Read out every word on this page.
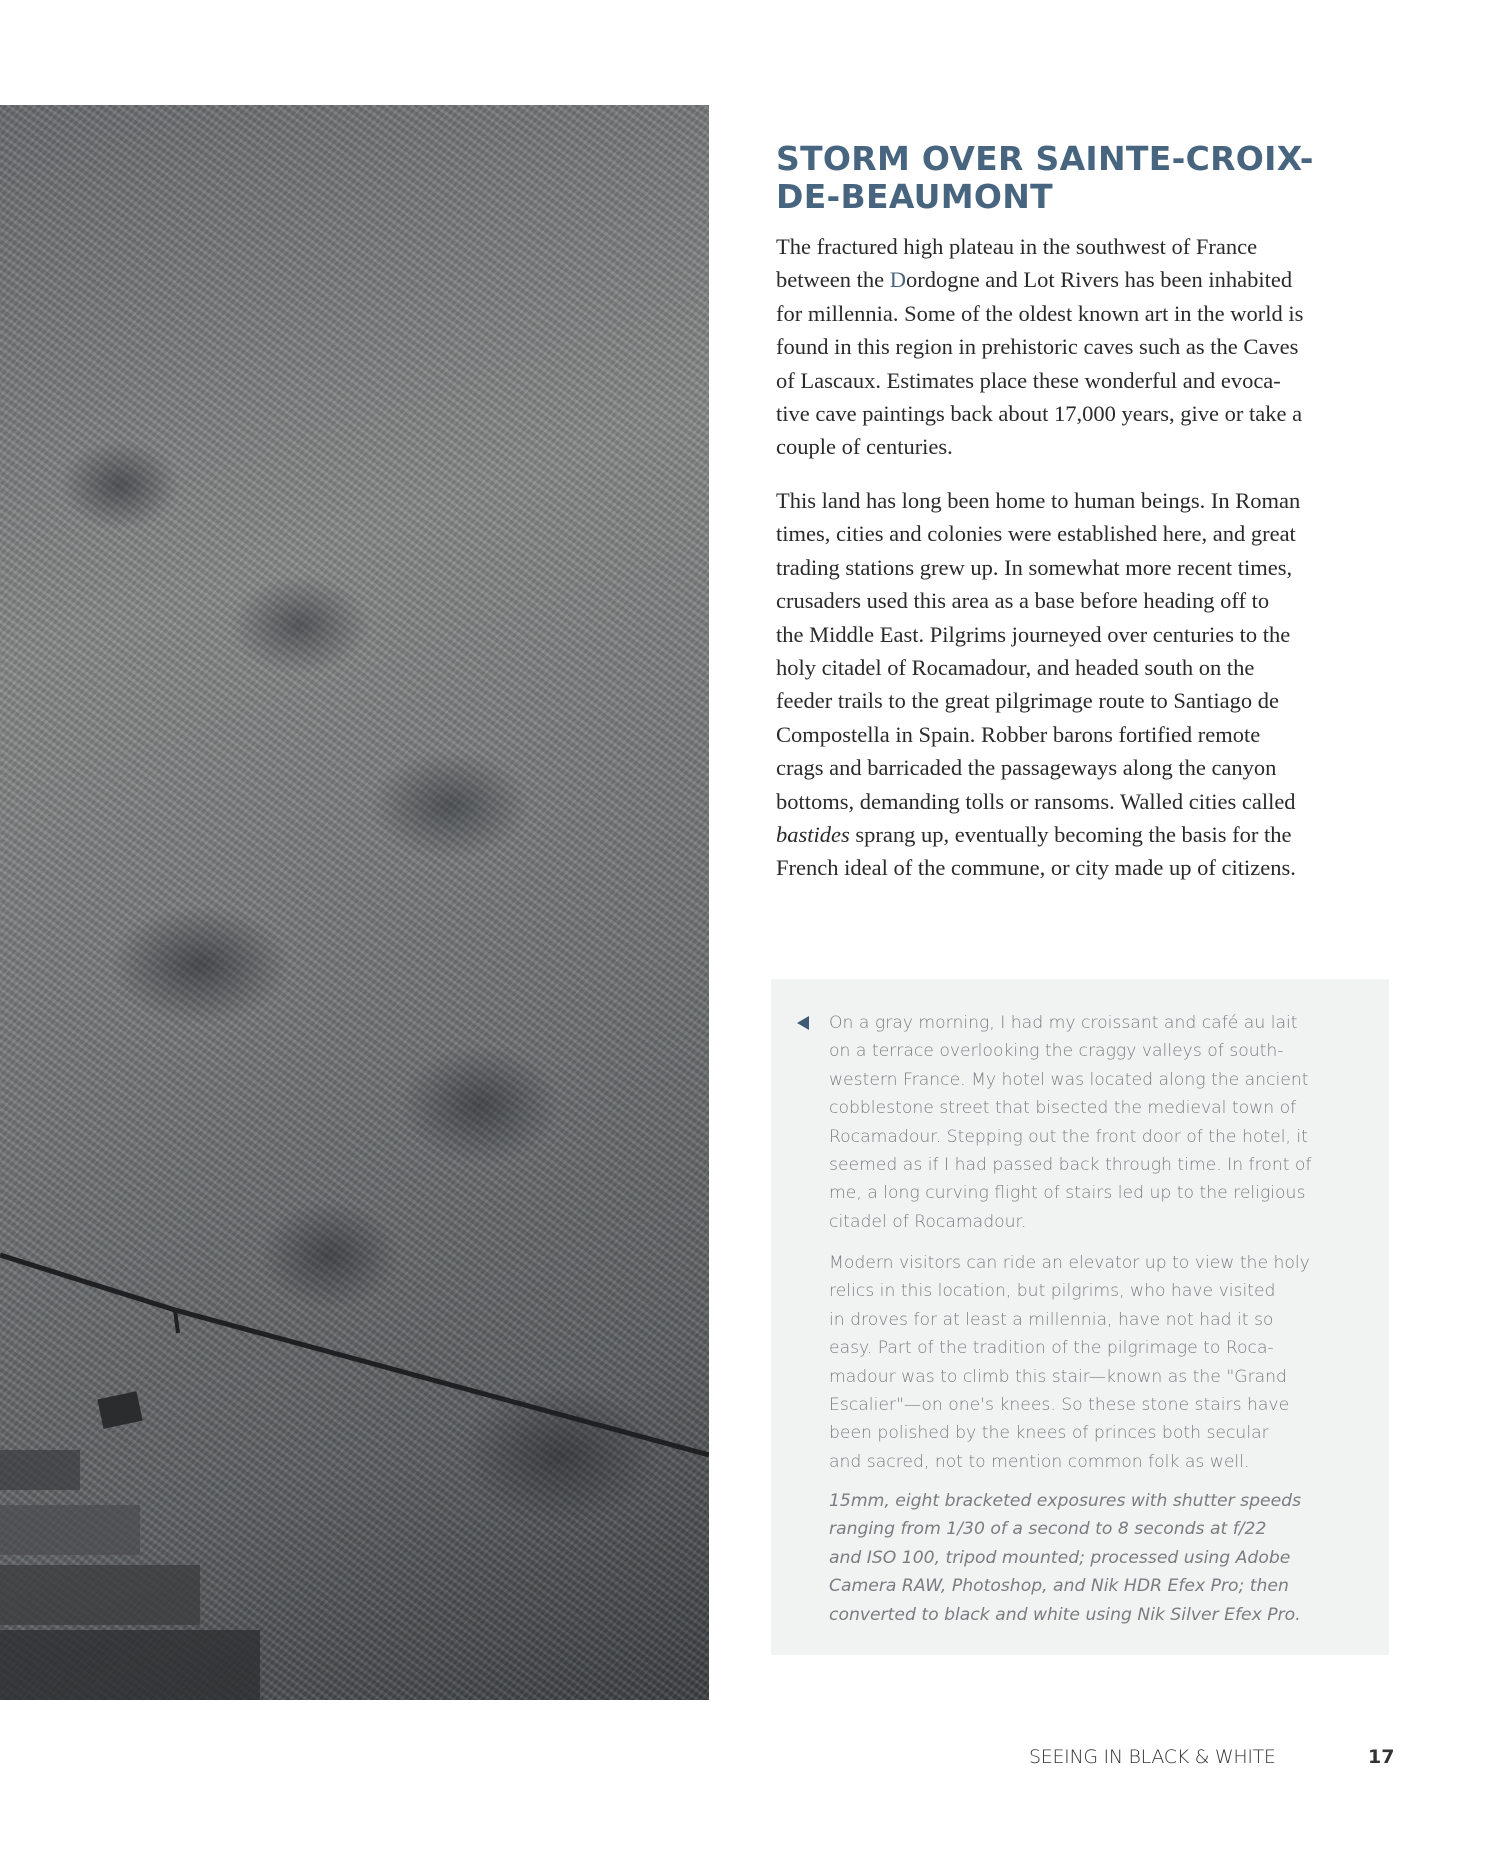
STORM OVER SAINTE-CROIX-
DE-BEAUMONT
The fractured high plateau in the southwest of France
between the Dordogne and Lot Rivers has been inhabited
for millennia. Some of the oldest known art in the world is
found in this region in prehistoric caves such as the Caves
of Lascaux. Estimates place these wonderful and evoca-
tive cave paintings back about 17,000 years, give or take a
couple of centuries.
This land has long been home to human beings. In Roman
times, cities and colonies were established here, and great
trading stations grew up. In somewhat more recent times,
crusaders used this area as a base before heading off to
the Middle East. Pilgrims journeyed over centuries to the
holy citadel of Rocamadour, and headed south on the
feeder trails to the great pilgrimage route to Santiago de
Compostella in Spain. Robber barons fortified remote
crags and barricaded the passageways along the canyon
bottoms, demanding tolls or ransoms. Walled cities called
bastides sprang up, eventually becoming the basis for the
French ideal of the commune, or city made up of citizens.
On a gray morning, I had my croissant and café au lait
on a terrace overlooking the craggy valleys of south-
western France. My hotel was located along the ancient
cobblestone street that bisected the medieval town of
Rocamadour. Stepping out the front door of the hotel, it
seemed as if I had passed back through time. In front of
me, a long curving flight of stairs led up to the religious
citadel of Rocamadour.
Modern visitors can ride an elevator up to view the holy
relics in this location, but pilgrims, who have visited
in droves for at least a millennia, have not had it so
easy. Part of the tradition of the pilgrimage to Roca-
madour was to climb this stair—known as the "Grand
Escalier"—on one's knees. So these stone stairs have
been polished by the knees of princes both secular
and sacred, not to mention common folk as well.
15mm, eight bracketed exposures with shutter speeds
ranging from 1/30 of a second to 8 seconds at f/22
and ISO 100, tripod mounted; processed using Adobe
Camera RAW, Photoshop, and Nik HDR Efex Pro; then
converted to black and white using Nik Silver Efex Pro.
SEEING IN BLACK & WHITE	17
